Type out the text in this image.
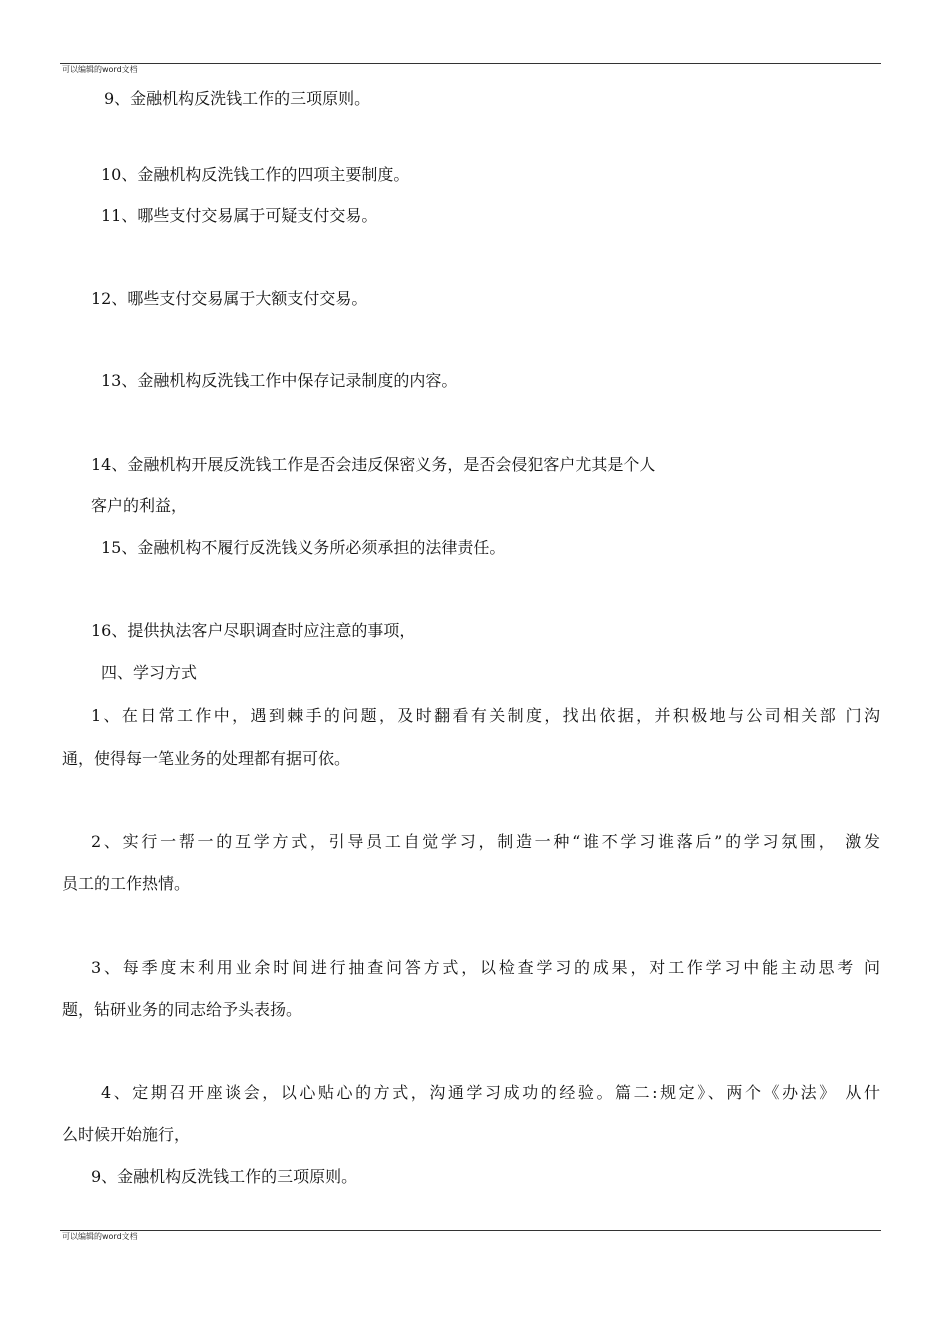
可以编辑的word文档
9、金融机构反洗钱工作的三项原则。
10、金融机构反洗钱工作的四项主要制度。
11、哪些支付交易属于可疑支付交易。
12、哪些支付交易属于大额支付交易。
13、金融机构反洗钱工作中保存记录制度的内容。
14、金融机构开展反洗钱工作是否会违反保密义务，是否会侵犯客户尤其是个人
客户的利益，
15、金融机构不履行反洗钱义务所必须承担的法律责任。
16、提供执法客户尽职调查时应注意的事项，
四、学习方式
1、在日常工作中，遇到棘手的问题，及时翻看有关制度，找出依据，并积极地与公司相关部 门沟
通，使得每一笔业务的处理都有据可依。
2、实行一帮一的互学方式，引导员工自觉学习，制造一种“谁不学习谁落后”的学习氛围， 激发
员工的工作热情。
3、每季度末利用业余时间进行抽查问答方式，以检查学习的成果，对工作学习中能主动思考 问
题，钻研业务的同志给予头表扬。
4、定期召开座谈会，以心贴心的方式，沟通学习成功的经验。篇二:规定》、两个《办法》 从什
么时候开始施行，
9、金融机构反洗钱工作的三项原则。
可以编辑的word文档
